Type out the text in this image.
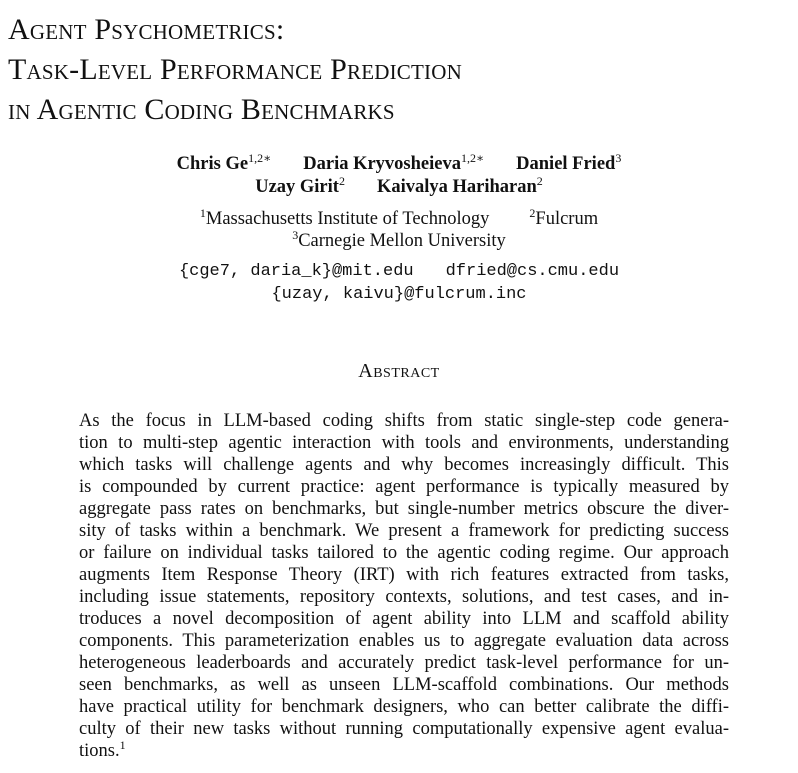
Agent Psychometrics:
Task-Level Performance Prediction
in Agentic Coding Benchmarks
Chris $Ge^{1,2∗}$ Daria Kryvosheieva$^{1,2∗}$ Daniel Fried$^3$
Uzay Girit$^2$ Kaivalya Hariharan$^2$
$^1$Massachusetts Institute of Technology	$^2$Fulcrum
$^3$Carnegie Mellon University
{cge7, daria_k}@mit.edu dfried@cs.cmu.edu
{uzay, kaivu}@fulcrum.inc
Abstract

As the focus in LLM-based coding shifts from static single-step code genera-
tion to multi-step agentic interaction with tools and environments, understanding
which tasks will challenge agents and why becomes increasingly difficult. This
is compounded by current practice: agent performance is typically measured by
aggregate pass rates on benchmarks, but single-number metrics obscure the diver-
sity of tasks within a benchmark. We present a framework for predicting success
or failure on individual tasks tailored to the agentic coding regime. Our approach
augments Item Response Theory (IRT) with rich features extracted from tasks,
including issue statements, repository contexts, solutions, and test cases, and in-
troduces a novel decomposition of agent ability into LLM and scaffold ability
components. This parameterization enables us to aggregate evaluation data across
heterogeneous leaderboards and accurately predict task-level performance for un-
seen benchmarks, as well as unseen LLM-scaffold combinations. Our methods
have practical utility for benchmark designers, who can better calibrate the diffi-
culty of their new tasks without running computationally expensive agent evalua-
tions.$^1$
